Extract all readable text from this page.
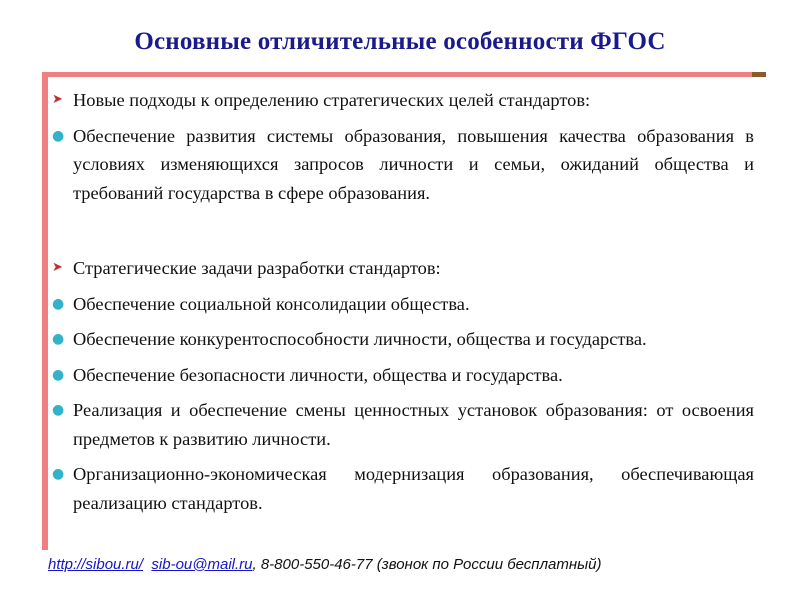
Основные отличительные особенности ФГОС
➤ Новые подходы к определению стратегических целей стандартов:
● Обеспечение развития системы образования, повышения качества образования в условиях изменяющихся запросов личности и семьи, ожиданий общества и требований государства в сфере образования.
➤ Стратегические задачи разработки стандартов:
● Обеспечение социальной консолидации общества.
● Обеспечение конкурентоспособности личности, общества и государства.
● Обеспечение безопасности личности, общества и государства.
● Реализация и обеспечение смены ценностных установок образования: от освоения предметов к развитию личности.
● Организационно-экономическая модернизация образования, обеспечивающая реализацию стандартов.
http://sibou.ru/ sib-ou@mail.ru, 8-800-550-46-77 (звонок по России бесплатный)
